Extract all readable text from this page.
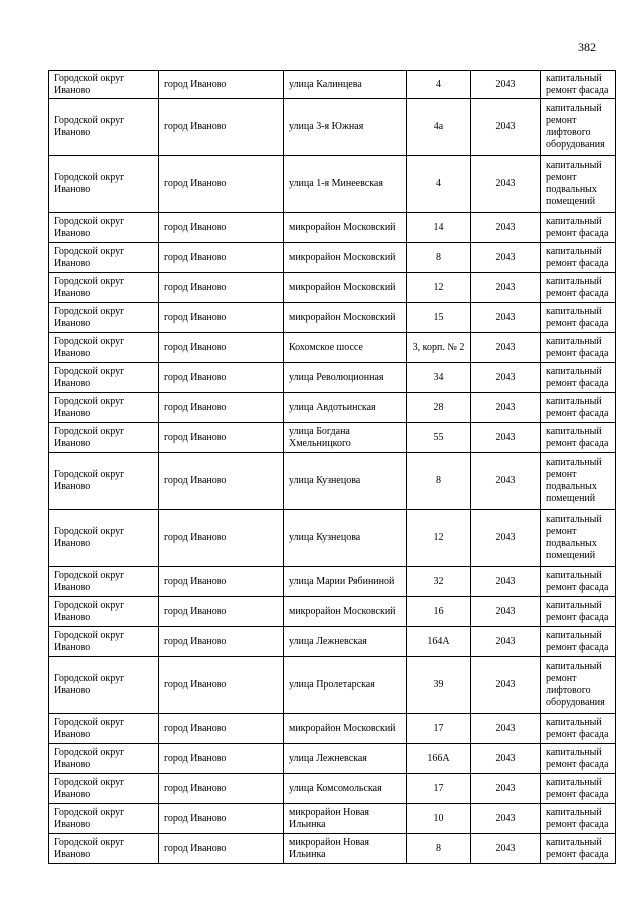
382
Городской округ Иваново	город Иваново	улица Калинцева	4	2043	капитальный ремонт фасада
Городской округ Иваново	город Иваново	улица 3-я Южная	4а	2043	капитальный ремонт лифтового оборудования
Городской округ Иваново	город Иваново	улица 1-я Минеевская	4	2043	капитальный ремонт подвальных помещений
Городской округ Иваново	город Иваново	микрорайон Московский	14	2043	капитальный ремонт фасада
Городской округ Иваново	город Иваново	микрорайон Московский	8	2043	капитальный ремонт фасада
Городской округ Иваново	город Иваново	микрорайон Московский	12	2043	капитальный ремонт фасада
Городской округ Иваново	город Иваново	микрорайон Московский	15	2043	капитальный ремонт фасада
Городской округ Иваново	город Иваново	Кохомское шоссе	3, корп. № 2	2043	капитальный ремонт фасада
Городской округ Иваново	город Иваново	улица Революционная	34	2043	капитальный ремонт фасада
Городской округ Иваново	город Иваново	улица Авдотьинская	28	2043	капитальный ремонт фасада
Городской округ Иваново	город Иваново	улица Богдана Хмельницкого	55	2043	капитальный ремонт фасада
Городской округ Иваново	город Иваново	улица Кузнецова	8	2043	капитальный ремонт подвальных помещений
Городской округ Иваново	город Иваново	улица Кузнецова	12	2043	капитальный ремонт подвальных помещений
Городской округ Иваново	город Иваново	улица Марии Рябининой	32	2043	капитальный ремонт фасада
Городской округ Иваново	город Иваново	микрорайон Московский	16	2043	капитальный ремонт фасада
Городской округ Иваново	город Иваново	улица Лежневская	164А	2043	капитальный ремонт фасада
Городской округ Иваново	город Иваново	улица Пролетарская	39	2043	капитальный ремонт лифтового оборудования
Городской округ Иваново	город Иваново	микрорайон Московский	17	2043	капитальный ремонт фасада
Городской округ Иваново	город Иваново	улица Лежневская	166А	2043	капитальный ремонт фасада
Городской округ Иваново	город Иваново	улица Комсомольская	17	2043	капитальный ремонт фасада
Городской округ Иваново	город Иваново	микрорайон Новая Ильинка	10	2043	капитальный ремонт фасада
Городской округ Иваново	город Иваново	микрорайон Новая Ильинка	8	2043	капитальный ремонт фасада
